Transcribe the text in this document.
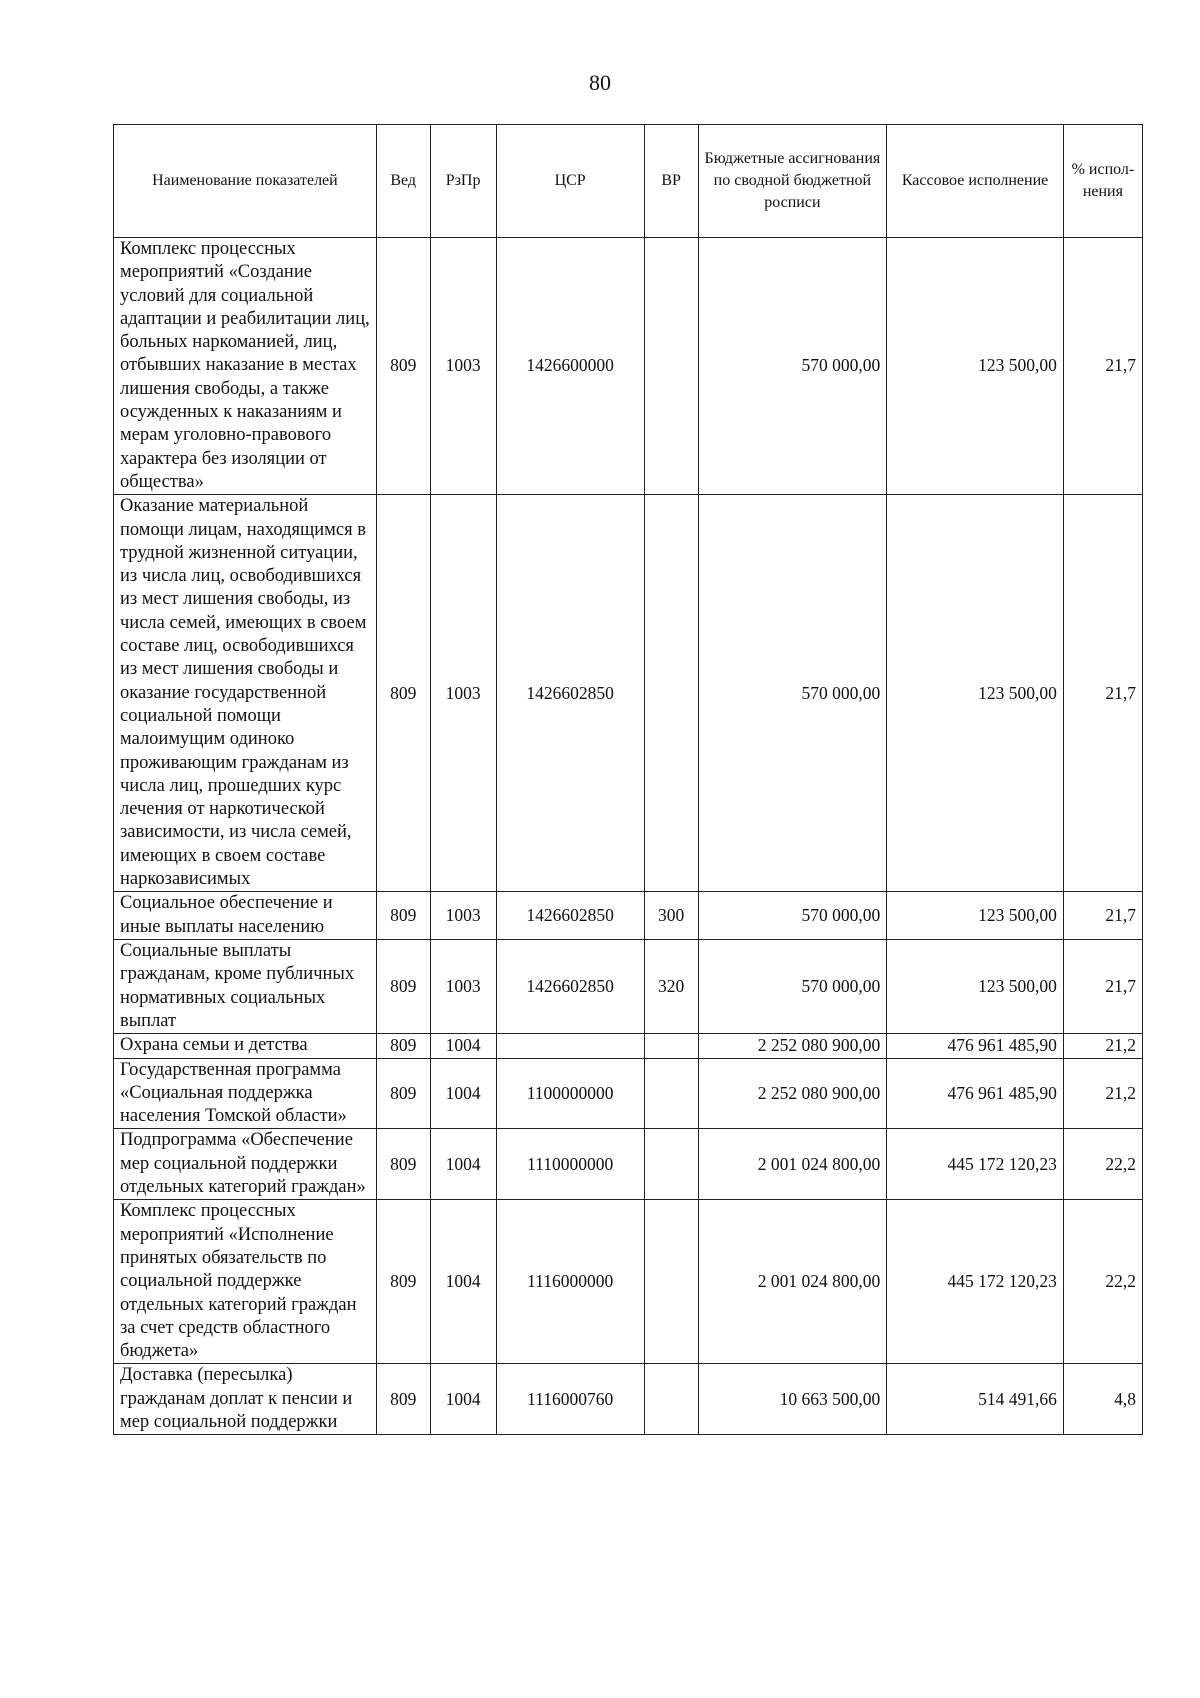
80
Наименование показателей	Вед	РзПр	ЦСР	ВР	Бюджетные ассигнования по сводной бюджетной росписи	Кассовое исполнение	% испол-нения
Комплекс процессных мероприятий «Создание условий для социальной адаптации и реабилитации лиц, больных наркоманией, лиц, отбывших наказание в местах лишения свободы, а также осужденных к наказаниям и мерам уголовно-правового характера без изоляции от общества»	809	1003	1426600000		570 000,00	123 500,00	21,7
Оказание материальной помощи лицам, находящимся в трудной жизненной ситуации, из числа лиц, освободившихся из мест лишения свободы, из числа семей, имеющих в своем составе лиц, освободившихся из мест лишения свободы и оказание государственной социальной помощи малоимущим одиноко проживающим гражданам из числа лиц, прошедших курс лечения от наркотической зависимости, из числа семей, имеющих в своем составе наркозависимых	809	1003	1426602850		570 000,00	123 500,00	21,7
Социальное обеспечение и иные выплаты населению	809	1003	1426602850	300	570 000,00	123 500,00	21,7
Социальные выплаты гражданам, кроме публичных нормативных социальных выплат	809	1003	1426602850	320	570 000,00	123 500,00	21,7
Охрана семьи и детства	809	1004			2 252 080 900,00	476 961 485,90	21,2
Государственная программа «Социальная поддержка населения Томской области»	809	1004	1100000000		2 252 080 900,00	476 961 485,90	21,2
Подпрограмма «Обеспечение мер социальной поддержки отдельных категорий граждан»	809	1004	1110000000		2 001 024 800,00	445 172 120,23	22,2
Комплекс процессных мероприятий «Исполнение принятых обязательств по социальной поддержке отдельных категорий граждан за счет средств областного бюджета»	809	1004	1116000000		2 001 024 800,00	445 172 120,23	22,2
Доставка (пересылка) гражданам доплат к пенсии и мер социальной поддержки	809	1004	1116000760		10 663 500,00	514 491,66	4,8
